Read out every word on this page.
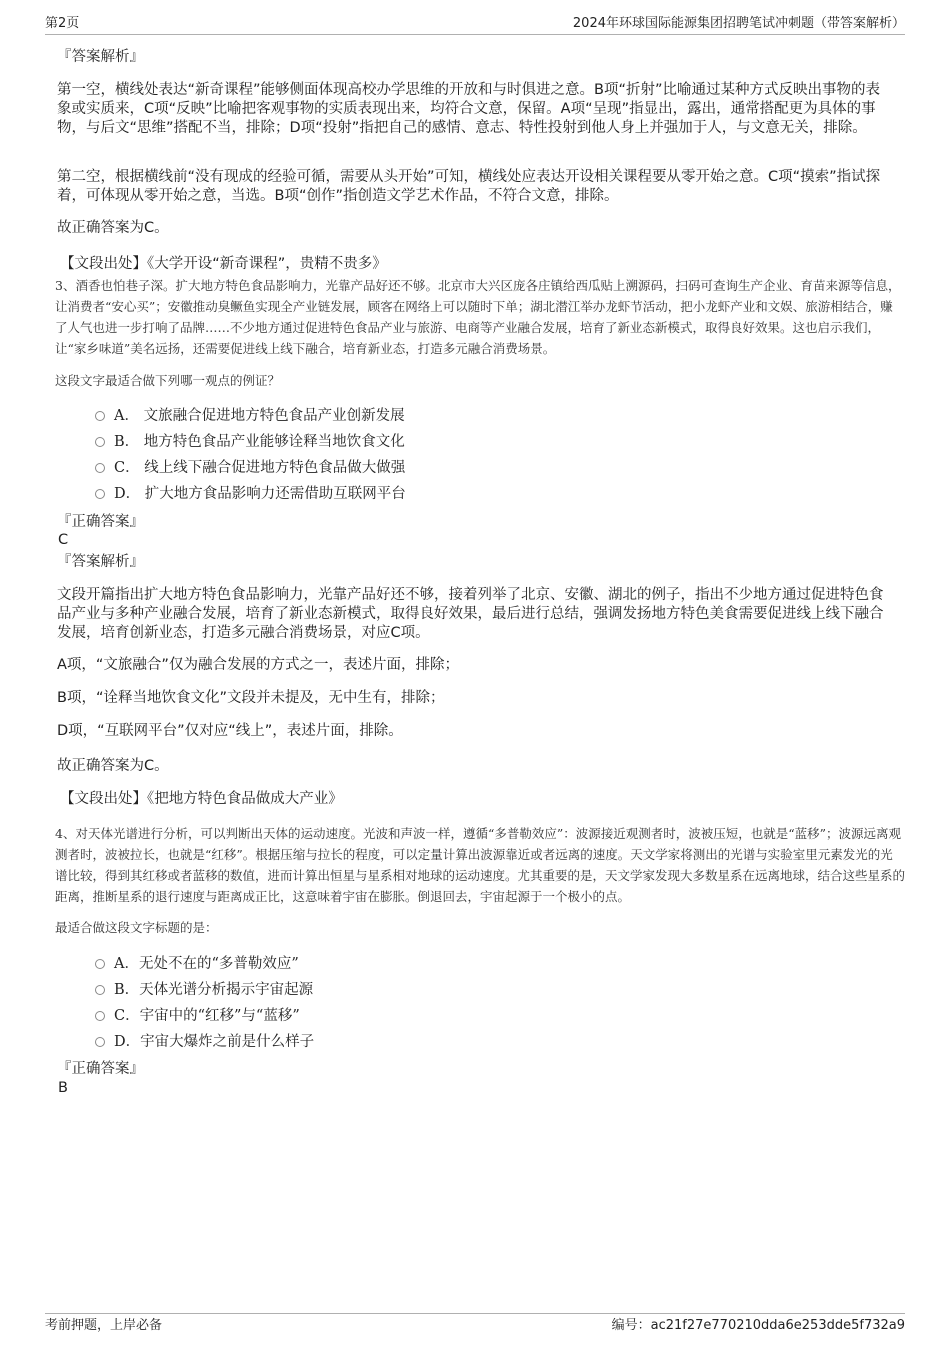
第2页	2024年环球国际能源集团招聘笔试冲刺题（带答案解析）
『答案解析』
第一空，横线处表达“新奇课程”能够侧面体现高校办学思维的开放和与时俱进之意。B项“折射”比喻通过某种方式反映出事物的表象或实质来，C项“反映”比喻把客观事物的实质表现出来，均符合文意，保留。A项“呈现”指显出，露出，通常搭配更为具体的事物，与后文“思维”搭配不当，排除；D项“投射”指把自己的感情、意志、特性投射到他人身上并强加于人，与文意无关，排除。
第二空，根据横线前“没有现成的经验可循，需要从头开始”可知，横线处应表达开设相关课程要从零开始之意。C项“摸索”指试探着，可体现从零开始之意，当选。B项“创作”指创造文学艺术作品，不符合文意，排除。
故正确答案为C。
【文段出处】《大学开设“新奇课程”，贵精不贵多》
3、酒香也怕巷子深。扩大地方特色食品影响力，光靠产品好还不够。北京市大兴区庞各庄镇给西瓜贴上溯源码，扫码可查询生产企业、育苗来源等信息，让消费者“安心买”；安徽推动臭鳜鱼实现全产业链发展，顾客在网络上可以随时下单；湖北潜江举办龙虾节活动，把小龙虾产业和文娱、旅游相结合，赚了人气也进一步打响了品牌……不少地方通过促进特色食品产业与旅游、电商等产业融合发展，培育了新业态新模式，取得良好效果。这也启示我们，让“家乡味道”美名远扬，还需要促进线上线下融合，培育新业态，打造多元融合消费场景。
这段文字最适合做下列哪一观点的例证？
A． 文旅融合促进地方特色食品产业创新发展
B． 地方特色食品产业能够诠释当地饮食文化
C． 线上线下融合促进地方特色食品做大做强
D． 扩大地方食品影响力还需借助互联网平台
『正确答案』
C
『答案解析』
文段开篇指出扩大地方特色食品影响力，光靠产品好还不够，接着列举了北京、安徽、湖北的例子，指出不少地方通过促进特色食品产业与多种产业融合发展，培育了新业态新模式，取得良好效果，最后进行总结，强调发扬地方特色美食需要促进线上线下融合发展，培育创新业态，打造多元融合消费场景，对应C项。
A项，“文旅融合”仅为融合发展的方式之一，表述片面，排除；
B项，“诠释当地饮食文化”文段并未提及，无中生有，排除；
D项，“互联网平台”仅对应“线上”，表述片面，排除。
故正确答案为C。
【文段出处】《把地方特色食品做成大产业》
4、对天体光谱进行分析，可以判断出天体的运动速度。光波和声波一样，遵循“多普勒效应”：波源接近观测者时，波被压短，也就是“蓝移”；波源远离观测者时，波被拉长，也就是“红移”。根据压缩与拉长的程度，可以定量计算出波源靠近或者远离的速度。天文学家将测出的光谱与实验室里元素发光的光谱比较，得到其红移或者蓝移的数值，进而计算出恒星与星系相对地球的运动速度。尤其重要的是，天文学家发现大多数星系在远离地球，结合这些星系的距离，推断星系的退行速度与距离成正比，这意味着宇宙在膨胀。倒退回去，宇宙起源于一个极小的点。
最适合做这段文字标题的是：
A．无处不在的“多普勒效应”
B．天体光谱分析揭示宇宙起源
C．宇宙中的“红移”与“蓝移”
D．宇宙大爆炸之前是什么样子
『正确答案』
B
考前押题，上岸必备	编号：ac21f27e770210dda6e253dde5f732a9
